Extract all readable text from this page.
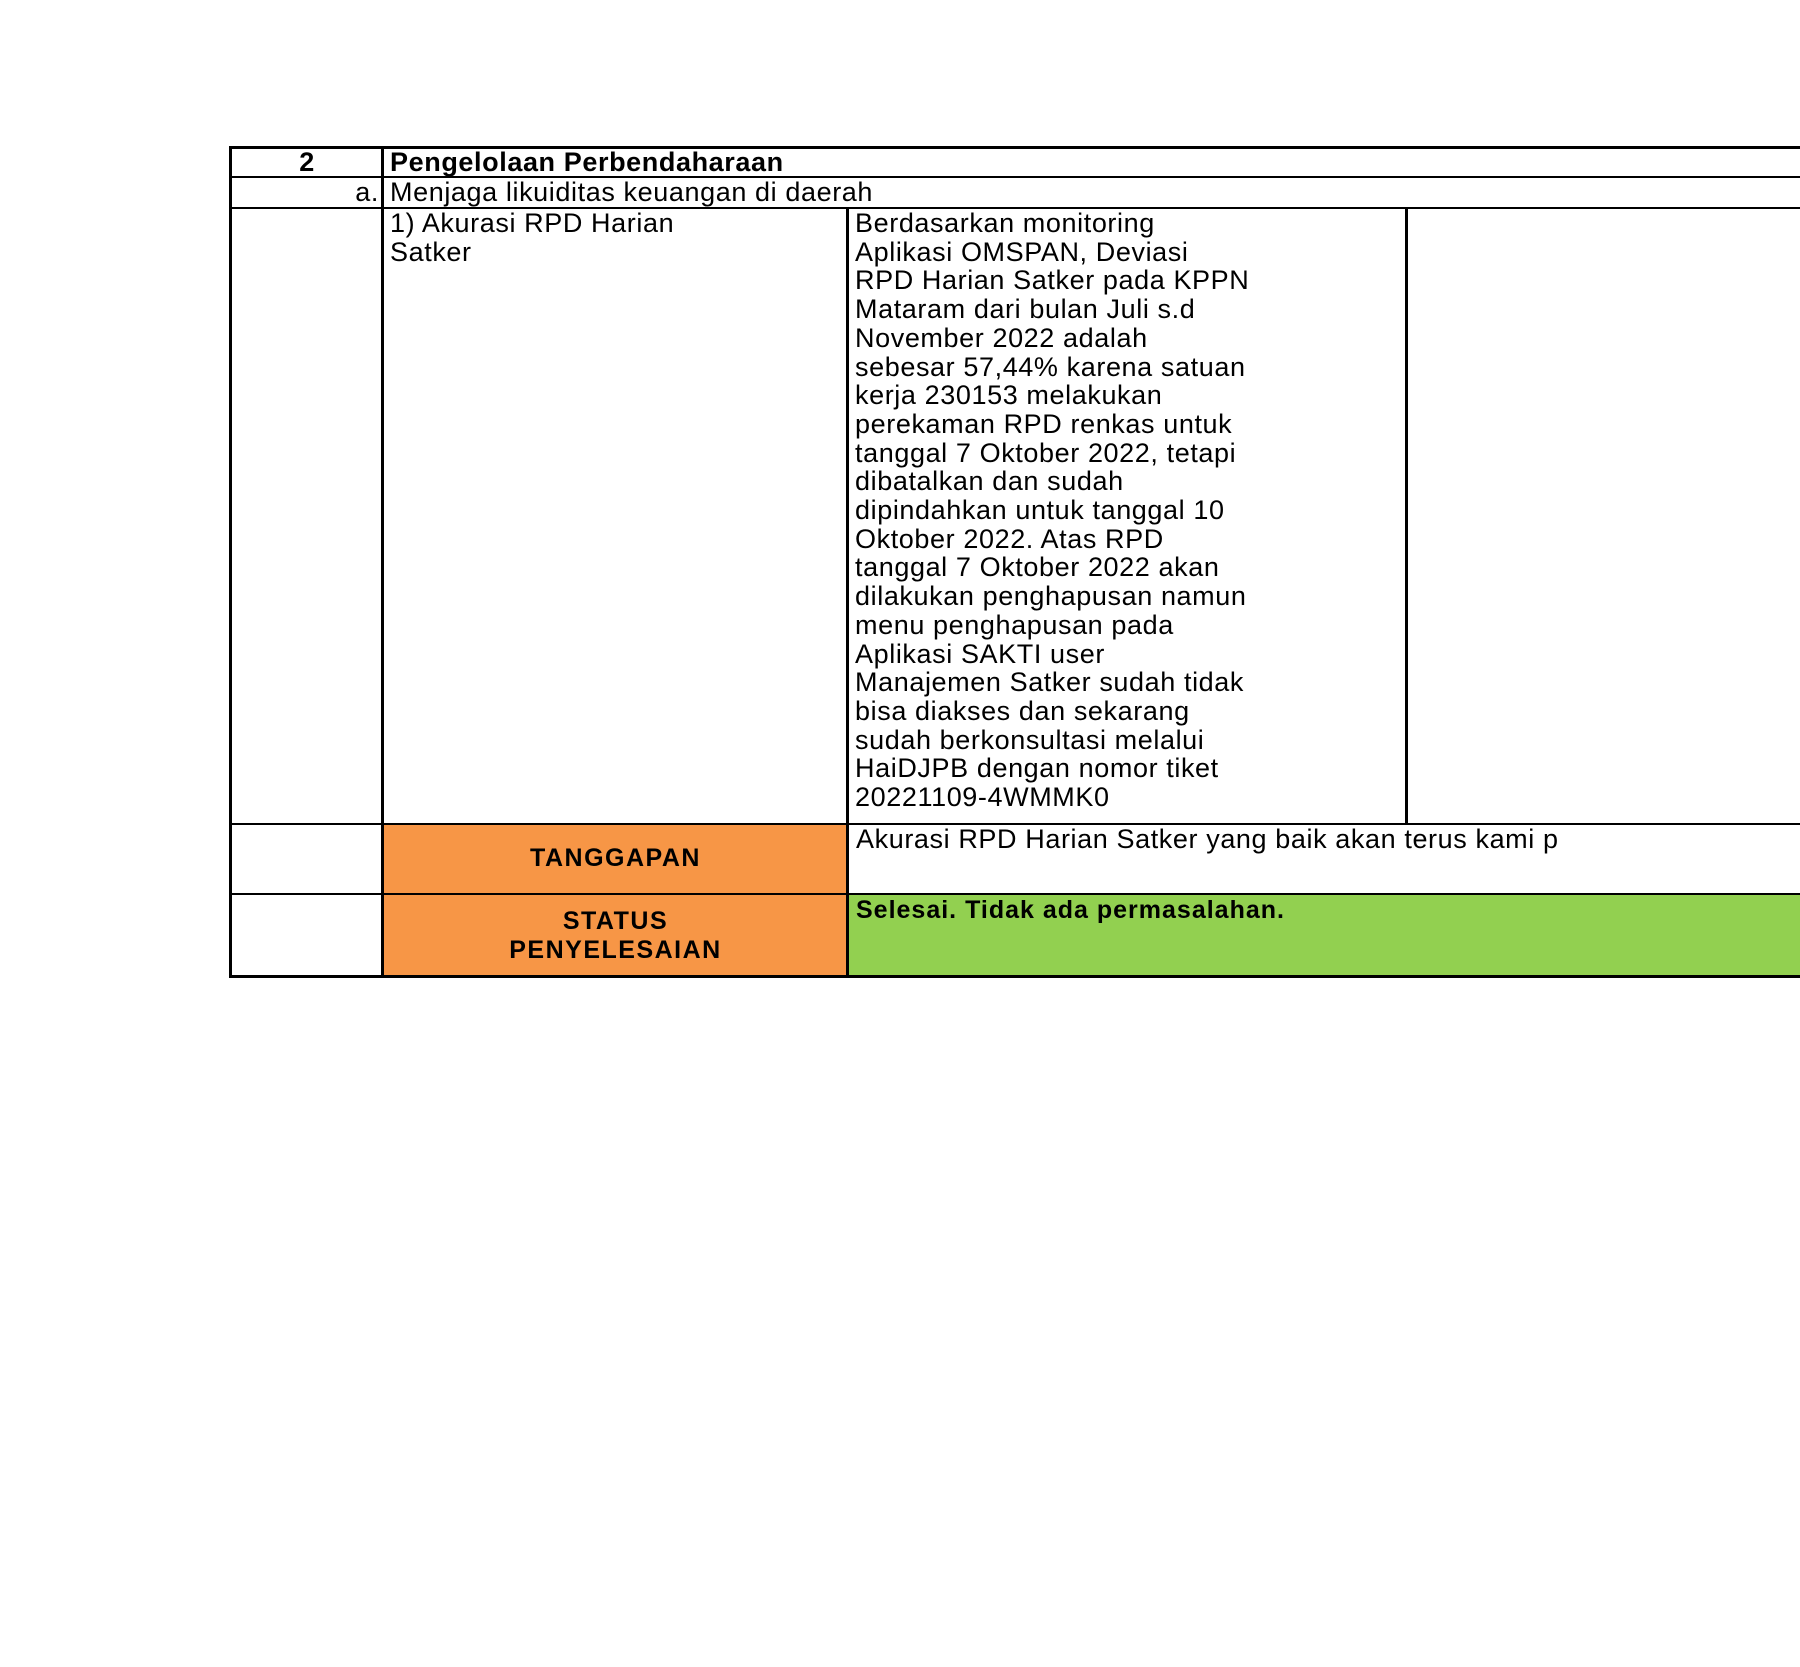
2	Pengelolaan Perbendaharaan
a. Menjaga likuiditas keuangan di daerah
1) Akurasi RPD Harian
Satker
Berdasarkan monitoring
Aplikasi OMSPAN, Deviasi
RPD Harian Satker pada KPPN
Mataram dari bulan Juli s.d
November 2022 adalah
sebesar 57,44% karena satuan
kerja 230153 melakukan
perekaman RPD renkas untuk
tanggal 7 Oktober 2022, tetapi
dibatalkan dan sudah
dipindahkan untuk tanggal 10
Oktober 2022. Atas RPD
tanggal 7 Oktober 2022 akan
dilakukan penghapusan namun
menu penghapusan pada
Aplikasi SAKTI user
Manajemen Satker sudah tidak
bisa diakses dan sekarang
sudah berkonsultasi melalui
HaiDJPB dengan nomor tiket
20221109-4WMMK0
TANGGAPAN
Akurasi RPD Harian Satker yang baik akan terus kami p
STATUS
PENYELESAIAN
Selesai. Tidak ada permasalahan.
